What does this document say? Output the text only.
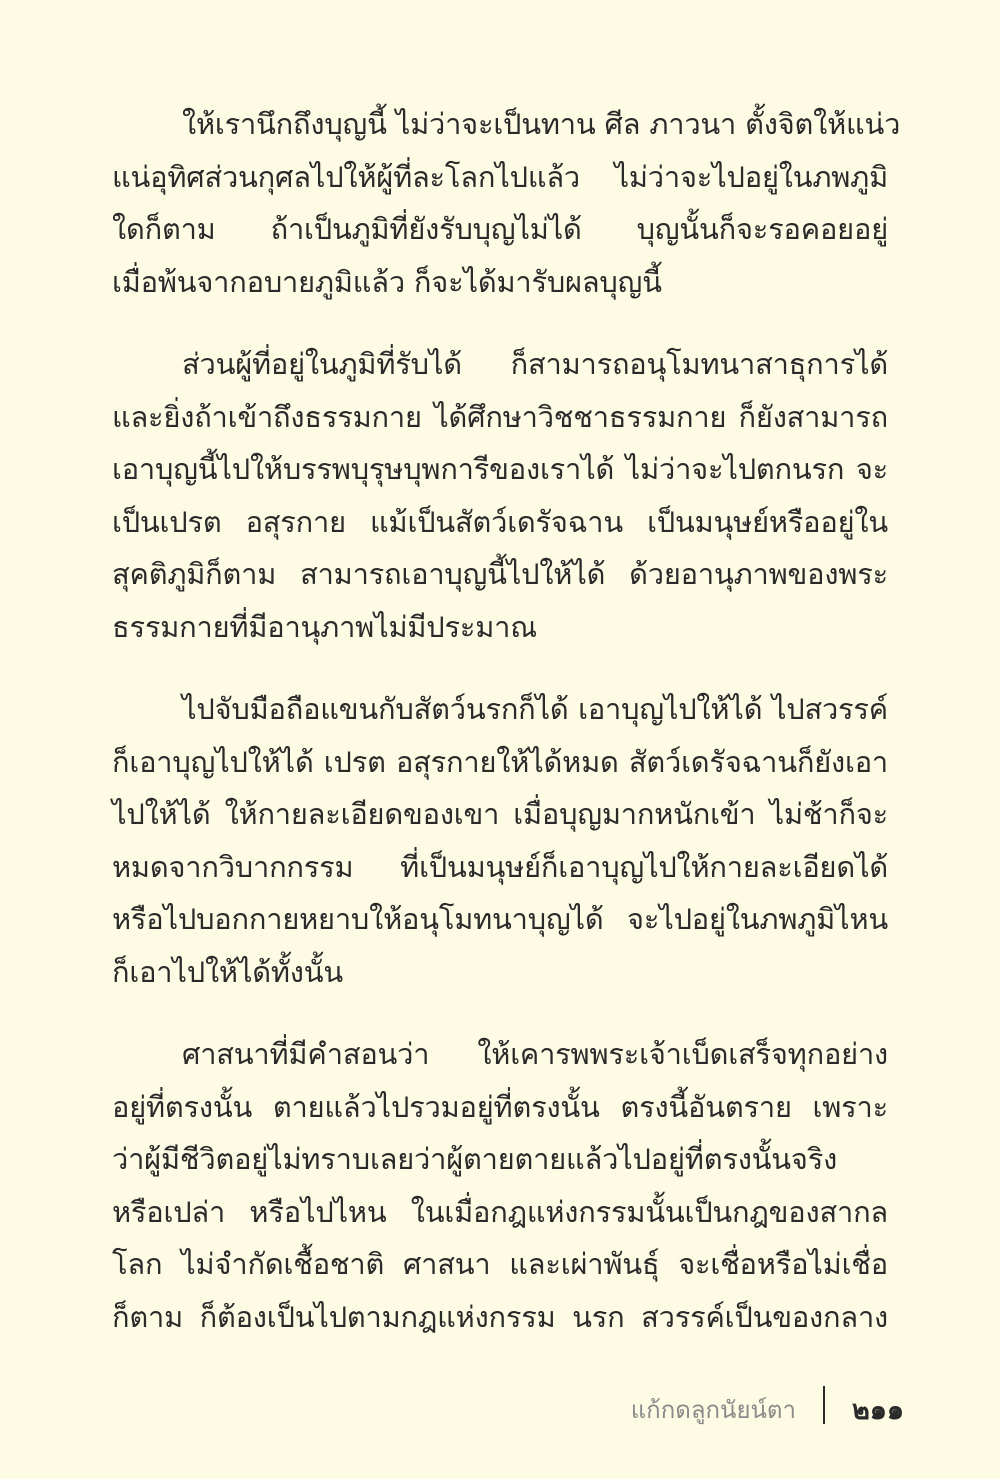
ให้เรานึกถึงบุญนี้ ไม่ว่าจะเป็นทาน ศีล ภาวนา ตั้งจิตให้แน่ว
แน่อุทิศส่วนกุศลไปให้ผู้ที่ละโลกไปแล้ว ไม่ว่าจะไปอยู่ในภพภูมิ
ใดก็ตาม ถ้าเป็นภูมิที่ยังรับบุญไม่ได้ บุญนั้นก็จะรอคอยอยู่
เมื่อพ้นจากอบายภูมิแล้ว ก็จะได้มารับผลบุญนี้
ส่วนผู้ที่อยู่ในภูมิที่รับได้ ก็สามารถอนุโมทนาสาธุการได้
และยิ่งถ้าเข้าถึงธรรมกาย ได้ศึกษาวิชชาธรรมกาย ก็ยังสามารถ
เอาบุญนี้ไปให้บรรพบุรุษบุพการีของเราได้ ไม่ว่าจะไปตกนรก จะ
เป็นเปรต อสุรกาย แม้เป็นสัตว์เดรัจฉาน เป็นมนุษย์หรืออยู่ใน
สุคติภูมิก็ตาม สามารถเอาบุญนี้ไปให้ได้ ด้วยอานุภาพของพระ
ธรรมกายที่มีอานุภาพไม่มีประมาณ
ไปจับมือถือแขนกับสัตว์นรกก็ได้ เอาบุญไปให้ได้ ไปสวรรค์
ก็เอาบุญไปให้ได้ เปรต อสุรกายให้ได้หมด สัตว์เดรัจฉานก็ยังเอา
ไปให้ได้ ให้กายละเอียดของเขา เมื่อบุญมากหนักเข้า ไม่ช้าก็จะ
หมดจากวิบากกรรม ที่เป็นมนุษย์ก็เอาบุญไปให้กายละเอียดได้
หรือไปบอกกายหยาบให้อนุโมทนาบุญได้ จะไปอยู่ในภพภูมิไหน
ก็เอาไปให้ได้ทั้งนั้น
ศาสนาที่มีคำสอนว่า ให้เคารพพระเจ้าเบ็ดเสร็จทุกอย่าง
อยู่ที่ตรงนั้น ตายแล้วไปรวมอยู่ที่ตรงนั้น ตรงนี้อันตราย เพราะ
ว่าผู้มีชีวิตอยู่ไม่ทราบเลยว่าผู้ตายตายแล้วไปอยู่ที่ตรงนั้นจริง
หรือเปล่า หรือไปไหน ในเมื่อกฎแห่งกรรมนั้นเป็นกฎของสากล
โลก ไม่จำกัดเชื้อชาติ ศาสนา และเผ่าพันธุ์ จะเชื่อหรือไม่เชื่อ
ก็ตาม ก็ต้องเป็นไปตามกฎแห่งกรรม นรก สวรรค์เป็นของกลาง
แก้กดลูกนัยน์ตา ๒๑๑
